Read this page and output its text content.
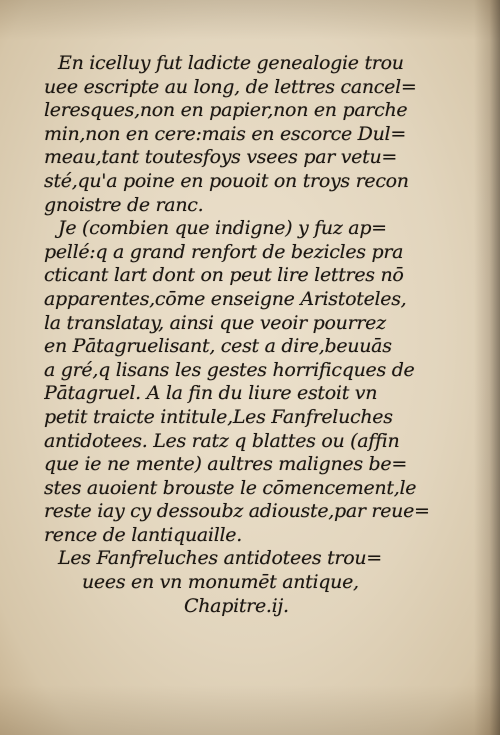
En icelluy fut ladicte genealogie trou
uee escripte au long, de lettres cancel=
leresques,non en papier,non en parche
min,non en cere:mais en escorce Dul=
meau,tant toutesfoys vsees par vetu=
sté,qu'a poine en pouoit on troys recon
gnoistre de ranc.
Je (combien que indigne) y fuz ap=
pellé:q a grand renfort de bezicles pra
cticant lart dont on peut lire lettres nō
apparentes,cōme enseigne Aristoteles,
la translatay, ainsi que veoir pourrez
en Pātagruelisant, cest a dire,beuuās
a gré,q lisans les gestes horrificques de
Pātagruel. A la fin du liure estoit vn
petit traicte intitule,Les Fanfreluches
antidotees. Les ratz q blattes ou (affin
que ie ne mente) aultres malignes be=
stes auoient brouste le cōmencement,le
reste iay cy dessoubz adiouste,par reue=
rence de lantiquaille.
Les Fanfreluches antidotees trou=
uees en vn monumēt antique,
Chapitre.ij.
